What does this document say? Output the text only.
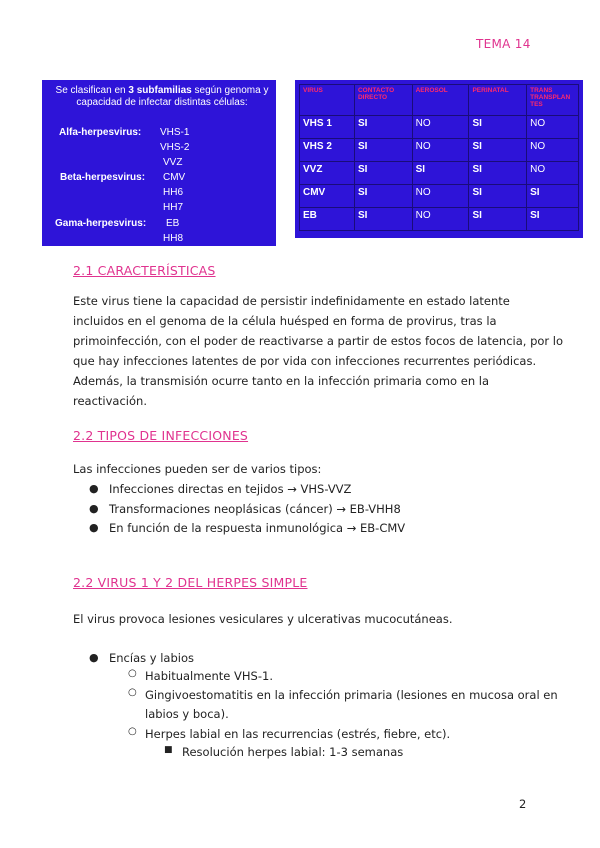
TEMA 14
Se clasifican en 3 subfamilias según genoma y capacidad de infectar distintas células:
Alfa-herpesvirus: VHS-1
VHS-2
VVZ
Beta-herpesvirus: CMV
HH6
HH7
Gama-herpesvirus: EB
HH8
VIRUS	CONTACTO DIRECTO	AEROSOL	PERINATAL	TRANS TRANSPLAN TES
VHS 1	SI	NO	SI	NO
VHS 2	SI	NO	SI	NO
VVZ	SI	SI	SI	NO
CMV	SI	NO	SI	SI
EB	SI	NO	SI	SI
2.1 CARACTERÍSTICAS
Este virus tiene la capacidad de persistir indefinidamente en estado latente
incluidos en el genoma de la célula huésped en forma de provirus, tras la
primoinfección, con el poder de reactivarse a partir de estos focos de latencia, por lo
que hay infecciones latentes de por vida con infecciones recurrentes periódicas.
Además, la transmisión ocurre tanto en la infección primaria como en la
reactivación.
2.2 TIPOS DE INFECCIONES
Las infecciones pueden ser de varios tipos:
● Infecciones directas en tejidos → VHS-VVZ
● Transformaciones neoplásicas (cáncer) → EB-VHH8
● En función de la respuesta inmunológica → EB-CMV
2.2 VIRUS 1 Y 2 DEL HERPES SIMPLE
El virus provoca lesiones vesiculares y ulcerativas mucocutáneas.
● Encías y labios
○ Habitualmente VHS-1.
○ Gingivoestomatitis en la infección primaria (lesiones en mucosa oral en
labios y boca).
○ Herpes labial en las recurrencias (estrés, fiebre, etc).
■ Resolución herpes labial: 1-3 semanas
2
